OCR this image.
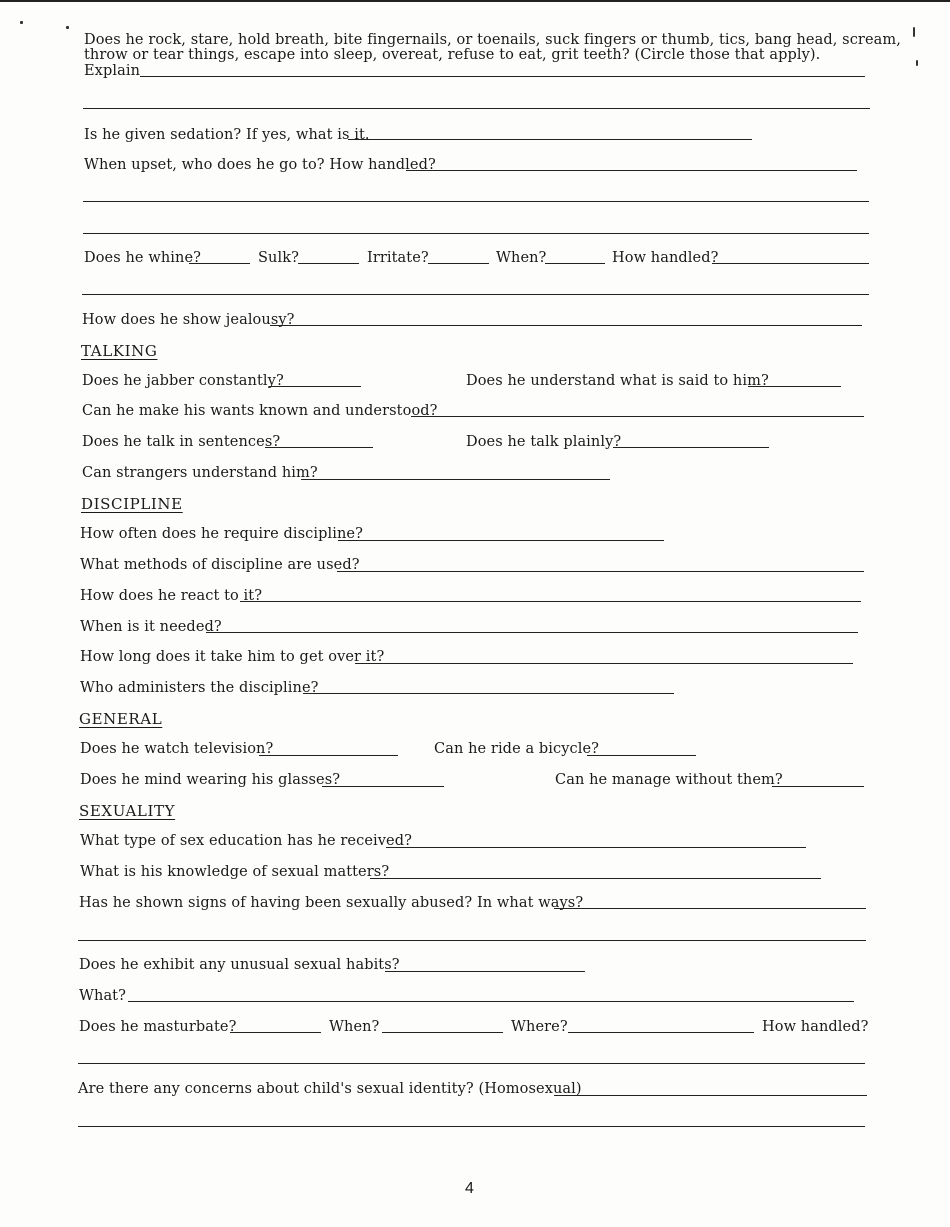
Does he rock, stare, hold breath, bite fingernails, or toenails, suck fingers or thumb, tics, bang head, scream,
throw or tear things, escape into sleep, overeat, refuse to eat, grit teeth? (Circle those that apply).
Explain
Is he given sedation? If yes, what is it.
When upset, who does he go to? How handled?
Does he whine?	Sulk?	Irritate?	When?	How handled?
How does he show jealousy?
TALKING
Does he jabber constantly?	Does he understand what is said to him?
Can he make his wants known and understood?
Does he talk in sentences?	Does he talk plainly?
Can strangers understand him?
DISCIPLINE
How often does he require discipline?
What methods of discipline are used?
How does he react to it?
When is it needed?
How long does it take him to get over it?
Who administers the discipline?
GENERAL
Does he watch television?	Can he ride a bicycle?
Does he mind wearing his glasses?	Can he manage without them?
SEXUALITY
What type of sex education has he received?
What is his knowledge of sexual matters?
Has he shown signs of having been sexually abused? In what ways?
Does he exhibit any unusual sexual habits?
What?
Does he masturbate?	When?	Where?	How handled?
Are there any concerns about child's sexual identity? (Homosexual)
4
